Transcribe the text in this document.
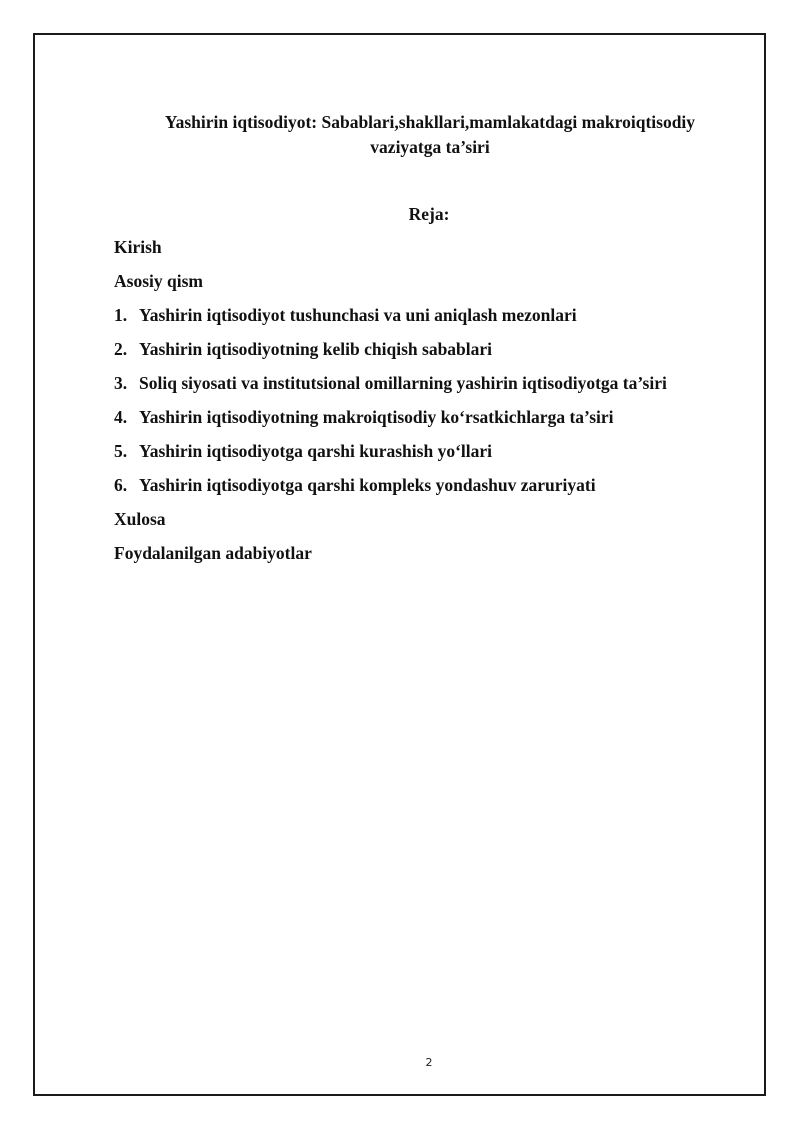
Yashirin iqtisodiyot: Sabablari,shakllari,mamlakatdagi makroiqtisodiy
vaziyatga ta’siri
Reja:
Kirish
Asosiy qism
1. Yashirin iqtisodiyot tushunchasi va uni aniqlash mezonlari
2. Yashirin iqtisodiyotning kelib chiqish sabablari
3. Soliq siyosati va institutsional omillarning yashirin iqtisodiyotga ta’siri
4. Yashirin iqtisodiyotning makroiqtisodiy ko‘rsatkichlarga ta’siri
5. Yashirin iqtisodiyotga qarshi kurashish yo‘llari
6. Yashirin iqtisodiyotga qarshi kompleks yondashuv zaruriyati
Xulosa
Foydalanilgan adabiyotlar
2
